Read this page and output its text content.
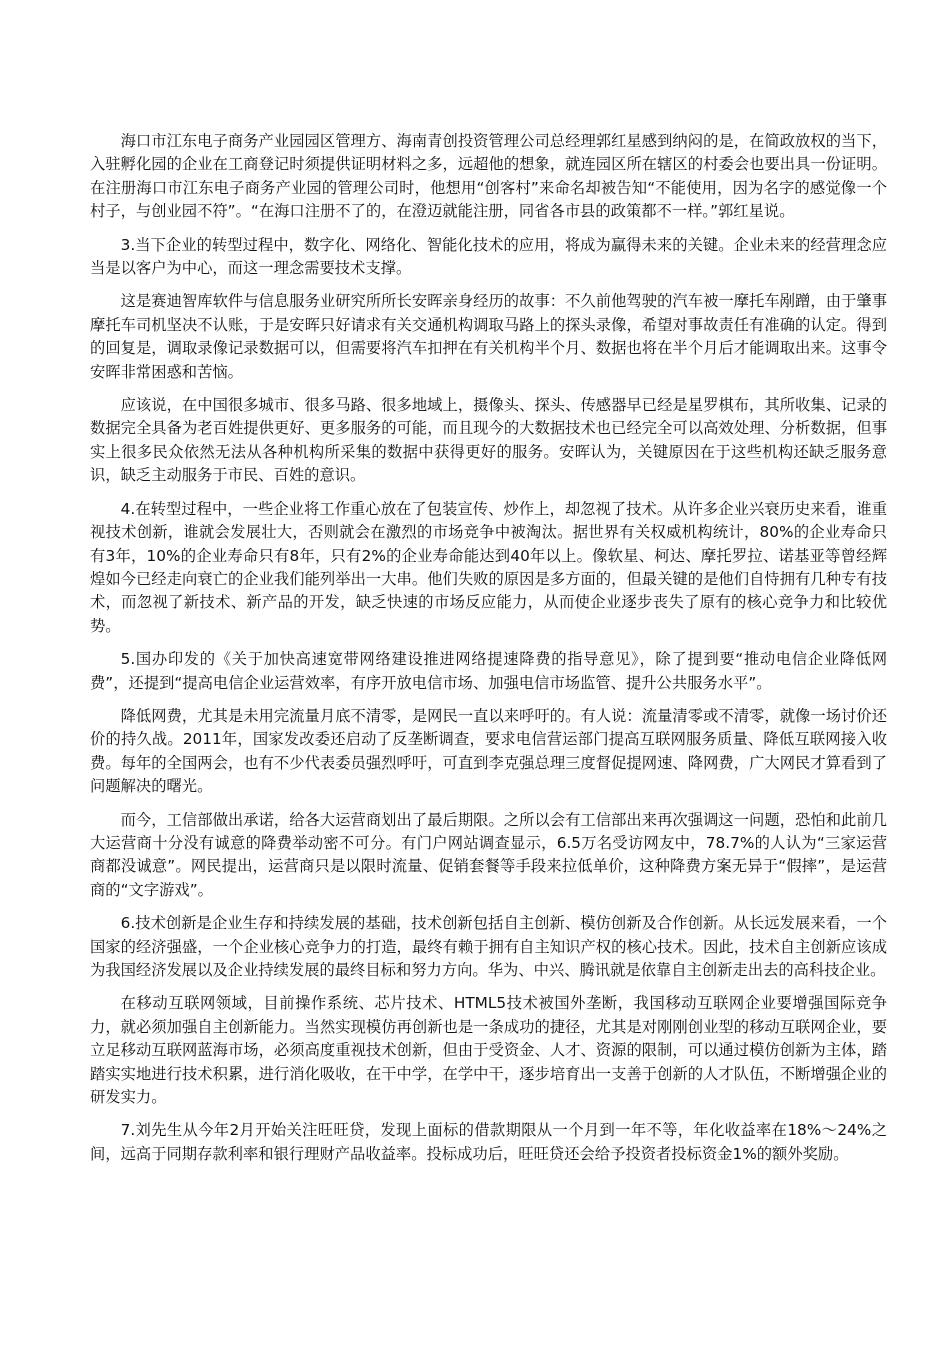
海口市江东电子商务产业园园区管理方、海南青创投资管理公司总经理郭红星感到纳闷的是，在简政放权的当下，入驻孵化园的企业在工商登记时须提供证明材料之多，远超他的想象，就连园区所在辖区的村委会也要出具一份证明。在注册海口市江东电子商务产业园的管理公司时，他想用“创客村”来命名却被告知“不能使用，因为名字的感觉像一个村子，与创业园不符”。“在海口注册不了的，在澄迈就能注册，同省各市县的政策都不一样。”郭红星说。

3.当下企业的转型过程中，数字化、网络化、智能化技术的应用，将成为赢得未来的关键。企业未来的经营理念应当是以客户为中心，而这一理念需要技术支撑。

这是赛迪智库软件与信息服务业研究所所长安晖亲身经历的故事：不久前他驾驶的汽车被一摩托车剐蹭，由于肇事摩托车司机坚决不认账，于是安晖只好请求有关交通机构调取马路上的探头录像，希望对事故责任有准确的认定。得到的回复是，调取录像记录数据可以，但需要将汽车扣押在有关机构半个月、数据也将在半个月后才能调取出来。这事令安晖非常困惑和苦恼。

应该说，在中国很多城市、很多马路、很多地域上，摄像头、探头、传感器早已经是星罗棋布，其所收集、记录的数据完全具备为老百姓提供更好、更多服务的可能，而且现今的大数据技术也已经完全可以高效处理、分析数据，但事实上很多民众依然无法从各种机构所采集的数据中获得更好的服务。安晖认为，关键原因在于这些机构还缺乏服务意识，缺乏主动服务于市民、百姓的意识。

4.在转型过程中，一些企业将工作重心放在了包装宣传、炒作上，却忽视了技术。从许多企业兴衰历史来看，谁重视技术创新，谁就会发展壮大，否则就会在激烈的市场竞争中被淘汰。据世界有关权威机构统计，80%的企业寿命只有3年，10%的企业寿命只有8年，只有2%的企业寿命能达到40年以上。像软星、柯达、摩托罗拉、诺基亚等曾经辉煌如今已经走向衰亡的企业我们能列举出一大串。他们失败的原因是多方面的，但最关键的是他们自恃拥有几种专有技术，而忽视了新技术、新产品的开发，缺乏快速的市场反应能力，从而使企业逐步丧失了原有的核心竞争力和比较优势。

5.国办印发的《关于加快高速宽带网络建设推进网络提速降费的指导意见》，除了提到要“推动电信企业降低网费”，还提到“提高电信企业运营效率，有序开放电信市场、加强电信市场监管、提升公共服务水平”。

降低网费，尤其是未用完流量月底不清零，是网民一直以来呼吁的。有人说：流量清零或不清零，就像一场讨价还价的持久战。2011年，国家发改委还启动了反垄断调查，要求电信营运部门提高互联网服务质量、降低互联网接入收费。每年的全国两会，也有不少代表委员强烈呼吁，可直到李克强总理三度督促提网速、降网费，广大网民才算看到了问题解决的曙光。

而今，工信部做出承诺，给各大运营商划出了最后期限。之所以会有工信部出来再次强调这一问题，恐怕和此前几大运营商十分没有诚意的降费举动密不可分。有门户网站调查显示，6.5万名受访网友中，78.7%的人认为“三家运营商都没诚意”。网民提出，运营商只是以限时流量、促销套餐等手段来拉低单价，这种降费方案无异于“假摔”，是运营商的“文字游戏”。

6.技术创新是企业生存和持续发展的基础，技术创新包括自主创新、模仿创新及合作创新。从长远发展来看，一个国家的经济强盛，一个企业核心竞争力的打造，最终有赖于拥有自主知识产权的核心技术。因此，技术自主创新应该成为我国经济发展以及企业持续发展的最终目标和努力方向。华为、中兴、腾讯就是依靠自主创新走出去的高科技企业。

在移动互联网领域，目前操作系统、芯片技术、HTML5技术被国外垄断，我国移动互联网企业要增强国际竞争力，就必须加强自主创新能力。当然实现模仿再创新也是一条成功的捷径，尤其是对刚刚创业型的移动互联网企业，要立足移动互联网蓝海市场，必须高度重视技术创新，但由于受资金、人才、资源的限制，可以通过模仿创新为主体，踏踏实实地进行技术积累，进行消化吸收，在干中学，在学中干，逐步培育出一支善于创新的人才队伍，不断增强企业的研发实力。

7.刘先生从今年2月开始关注旺旺贷，发现上面标的借款期限从一个月到一年不等，年化收益率在18%～24%之间，远高于同期存款利率和银行理财产品收益率。投标成功后，旺旺贷还会给予投资者投标资金1%的额外奖励。
